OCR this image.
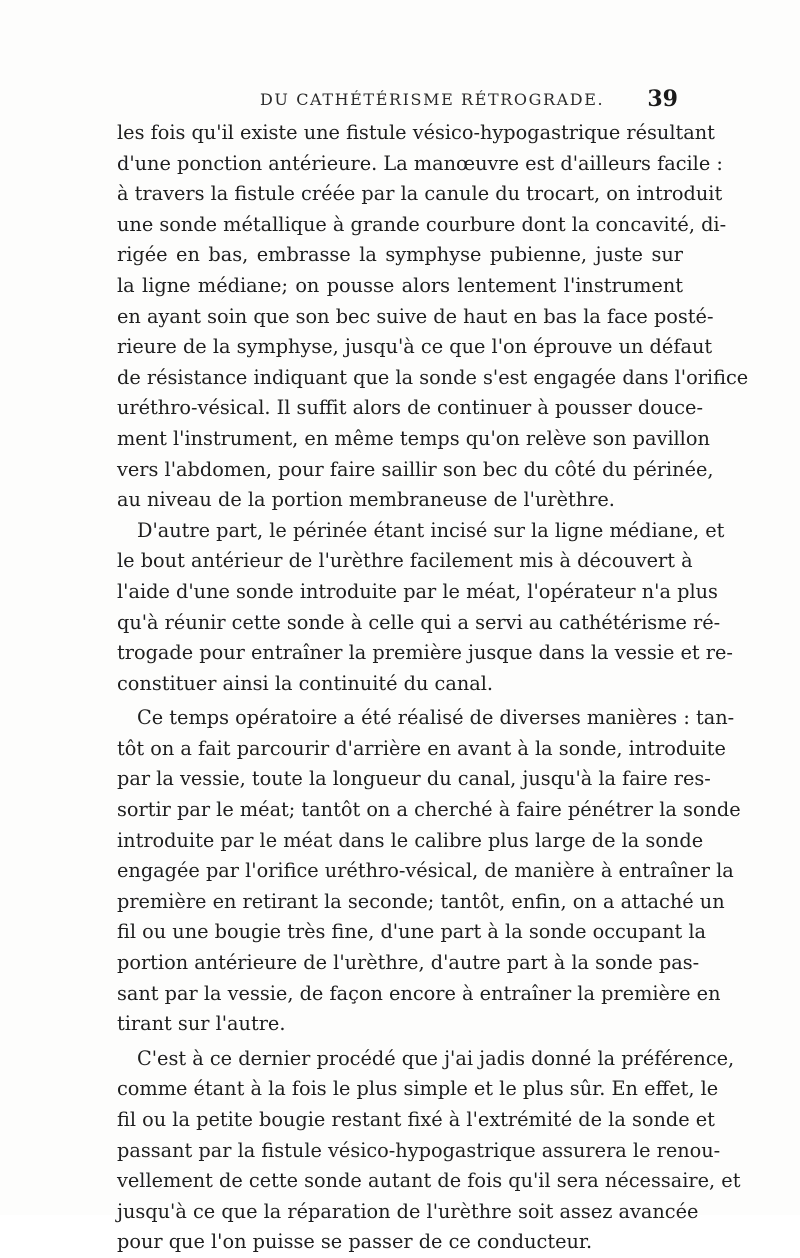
DU CATHÉTÉRISME RÉTROGRADE. 39
les fois qu'il existe une fistule vésico-hypogastrique résultant
d'une ponction antérieure. La manœuvre est d'ailleurs facile :
à travers la fistule créée par la canule du trocart, on introduit
une sonde métallique à grande courbure dont la concavité, di-
rigée en bas, embrasse la symphyse pubienne, juste sur
la ligne médiane; on pousse alors lentement l'instrument
en ayant soin que son bec suive de haut en bas la face posté-
rieure de la symphyse, jusqu'à ce que l'on éprouve un défaut
de résistance indiquant que la sonde s'est engagée dans l'orifice
uréthro-vésical. Il suffit alors de continuer à pousser douce-
ment l'instrument, en même temps qu'on relève son pavillon
vers l'abdomen, pour faire saillir son bec du côté du périnée,
au niveau de la portion membraneuse de l'urèthre.
D'autre part, le périnée étant incisé sur la ligne médiane, et
le bout antérieur de l'urèthre facilement mis à découvert à
l'aide d'une sonde introduite par le méat, l'opérateur n'a plus
qu'à réunir cette sonde à celle qui a servi au cathétérisme ré-
trogade pour entraîner la première jusque dans la vessie et re-
constituer ainsi la continuité du canal.
Ce temps opératoire a été réalisé de diverses manières : tan-
tôt on a fait parcourir d'arrière en avant à la sonde, introduite
par la vessie, toute la longueur du canal, jusqu'à la faire res-
sortir par le méat; tantôt on a cherché à faire pénétrer la sonde
introduite par le méat dans le calibre plus large de la sonde
engagée par l'orifice uréthro-vésical, de manière à entraîner la
première en retirant la seconde; tantôt, enfin, on a attaché un
fil ou une bougie très fine, d'une part à la sonde occupant la
portion antérieure de l'urèthre, d'autre part à la sonde pas-
sant par la vessie, de façon encore à entraîner la première en
tirant sur l'autre.
C'est à ce dernier procédé que j'ai jadis donné la préférence,
comme étant à la fois le plus simple et le plus sûr. En effet, le
fil ou la petite bougie restant fixé à l'extrémité de la sonde et
passant par la fistule vésico-hypogastrique assurera le renou-
vellement de cette sonde autant de fois qu'il sera nécessaire, et
jusqu'à ce que la réparation de l'urèthre soit assez avancée
pour que l'on puisse se passer de ce conducteur.
